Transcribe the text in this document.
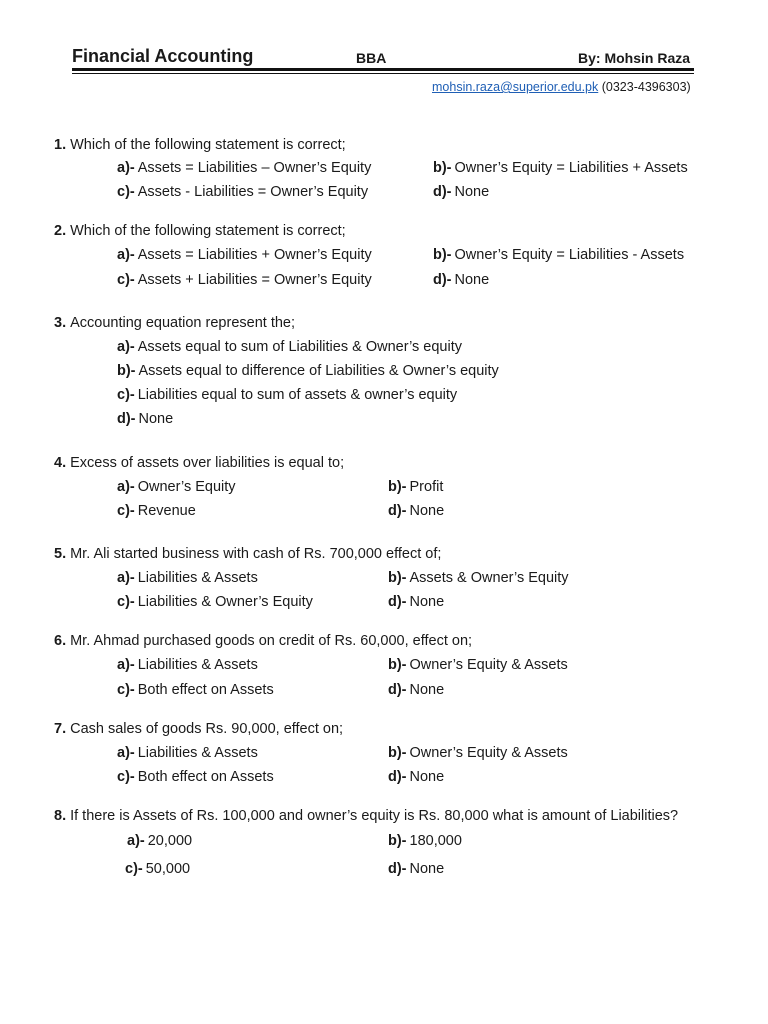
Financial Accounting	BBA	By: Mohsin Raza
mohsin.raza@superior.edu.pk (0323-4396303)
1. Which of the following statement is correct;
a)- Assets = Liabilities – Owner’s Equity	b)- Owner’s Equity = Liabilities + Assets
c)- Assets - Liabilities = Owner’s Equity	d)- None
2. Which of the following statement is correct;
a)- Assets = Liabilities + Owner’s Equity	b)- Owner’s Equity = Liabilities - Assets
c)- Assets + Liabilities = Owner’s Equity	d)- None
3. Accounting equation represent the;
a)- Assets equal to sum of Liabilities & Owner’s equity
b)- Assets equal to difference of Liabilities & Owner’s equity
c)- Liabilities equal to sum of assets & owner’s equity
d)- None
4. Excess of assets over liabilities is equal to;
a)- Owner’s Equity	b)- Profit
c)- Revenue	d)- None
5. Mr. Ali started business with cash of Rs. 700,000 effect of;
a)- Liabilities & Assets	b)- Assets & Owner’s Equity
c)- Liabilities & Owner’s Equity	d)- None
6. Mr. Ahmad purchased goods on credit of Rs. 60,000, effect on;
a)- Liabilities & Assets	b)- Owner’s Equity & Assets
c)- Both effect on Assets	d)- None
7. Cash sales of goods Rs. 90,000, effect on;
a)- Liabilities & Assets	b)- Owner’s Equity & Assets
c)- Both effect on Assets	d)- None
8. If there is Assets of Rs. 100,000 and owner’s equity is Rs. 80,000 what is amount of Liabilities?
a)- 20,000	b)- 180,000
c)- 50,000	d)- None
